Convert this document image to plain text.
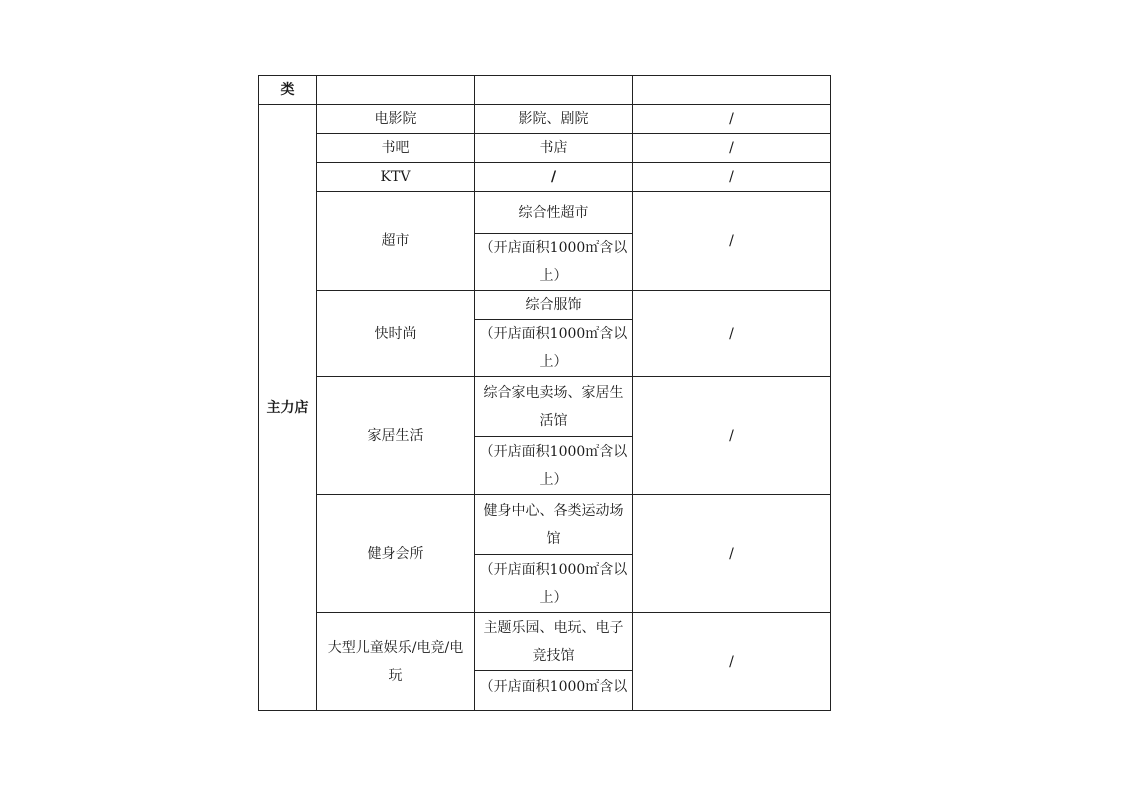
类			
主力店	电影院	影院、剧院	/
	书吧	书店	/
	KTV	/	/
	超市	综合性超市	/
		（开店面积1000㎡含以上）	
	快时尚	综合服饰	/
		（开店面积1000㎡含以上）	
	家居生活	综合家电卖场、家居生活馆	/
		（开店面积1000㎡含以上）	
	健身会所	健身中心、各类运动场馆	/
		（开店面积1000㎡含以上）	
	大型儿童娱乐/电竞/电玩	主题乐园、电玩、电子竞技馆	/
		（开店面积1000㎡含以	
